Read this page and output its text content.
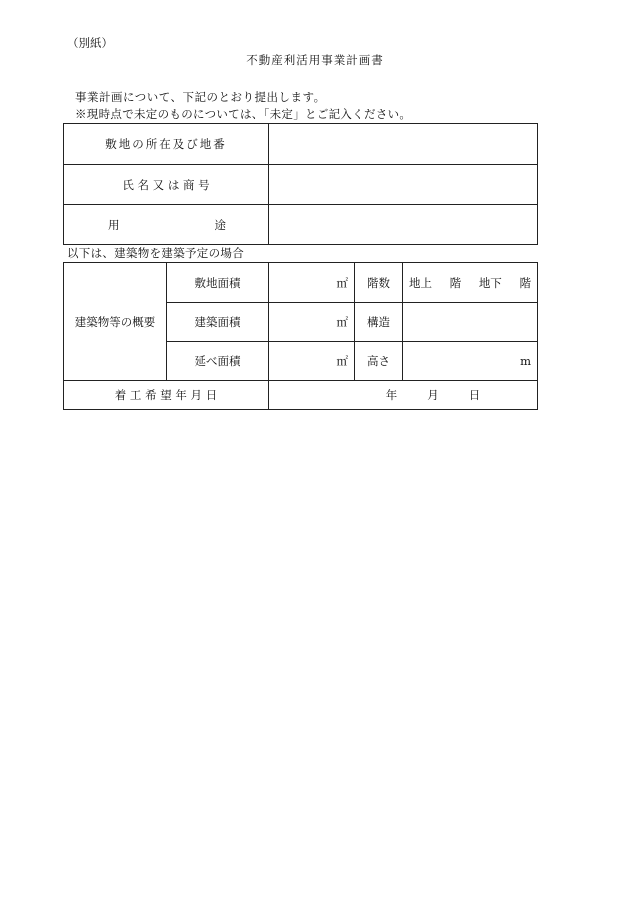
（別紙）
不動産利活用事業計画書
事業計画について、下記のとおり提出します。
※現時点で未定のものについては、「未定」とご記入ください。
敷地の所在及び地番	
氏 名 又 は 商 号	

用 途	

以下は、建築物を建築予定の場合
建築物等の概要	敷地面積	㎡	階数	地上 階 地下 階

	建築面積	㎡	構造	
	延べ面積	㎡	高さ	m
着 工 希 望 年 月 日		年 月 日		
